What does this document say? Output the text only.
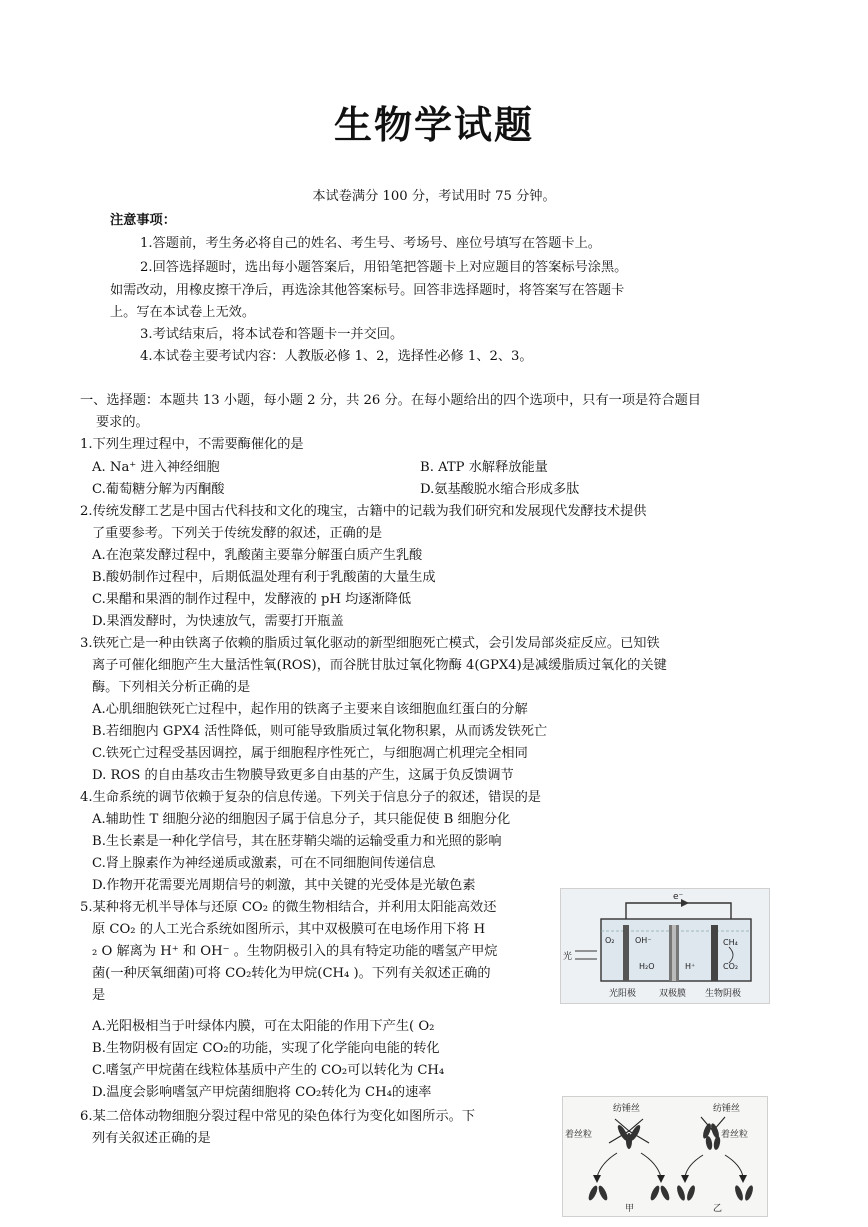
生物学试题
本试卷满分 100 分，考试用时 75 分钟。
注意事项：
1.答题前，考生务必将自己的姓名、考生号、考场号、座位号填写在答题卡上。
2.回答选择题时，选出每小题答案后，用铅笔把答题卡上对应题目的答案标号涂黑。
如需改动，用橡皮擦干净后，再选涂其他答案标号。回答非选择题时，将答案写在答题卡
上。写在本试卷上无效。
3.考试结束后，将本试卷和答题卡一并交回。
4.本试卷主要考试内容：人教版必修 1、2，选择性必修 1、2、3。
一、选择题：本题共 13 小题，每小题 2 分，共 26 分。在每小题给出的四个选项中，只有一项是符合题目
要求的。
1.下列生理过程中，不需要酶催化的是
A. Na⁺ 进入神经细胞	B. ATP 水解释放能量
C.葡萄糖分解为丙酮酸	D.氨基酸脱水缩合形成多肽
2.传统发酵工艺是中国古代科技和文化的瑰宝，古籍中的记载为我们研究和发展现代发酵技术提供
了重要参考。下列关于传统发酵的叙述，正确的是
A.在泡菜发酵过程中，乳酸菌主要靠分解蛋白质产生乳酸
B.酸奶制作过程中，后期低温处理有利于乳酸菌的大量生成
C.果醋和果酒的制作过程中，发酵液的 pH 均逐渐降低
D.果酒发酵时，为快速放气，需要打开瓶盖
3.铁死亡是一种由铁离子依赖的脂质过氧化驱动的新型细胞死亡模式，会引发局部炎症反应。已知铁
离子可催化细胞产生大量活性氧(ROS)，而谷胱甘肽过氧化物酶 4(GPX4)是减缓脂质过氧化的关键
酶。下列相关分析正确的是
A.心肌细胞铁死亡过程中，起作用的铁离子主要来自该细胞血红蛋白的分解
B.若细胞内 GPX4 活性降低，则可能导致脂质过氧化物积累，从而诱发铁死亡
C.铁死亡过程受基因调控，属于细胞程序性死亡，与细胞凋亡机理完全相同
D. ROS 的自由基攻击生物膜导致更多自由基的产生，这属于负反馈调节
4.生命系统的调节依赖于复杂的信息传递。下列关于信息分子的叙述，错误的是
A.辅助性 T 细胞分泌的细胞因子属于信息分子，其只能促使 B 细胞分化
B.生长素是一种化学信号，其在胚芽鞘尖端的运输受重力和光照的影响
C.肾上腺素作为神经递质或激素，可在不同细胞间传递信息
D.作物开花需要光周期信号的刺激，其中关键的光受体是光敏色素
5.某种将无机半导体与还原 CO₂ 的微生物相结合，并利用太阳能高效还
原 CO₂ 的人工光合系统如图所示，其中双极膜可在电场作用下将 H
₂ O 解离为 H⁺ 和 OH⁻ 。生物阴极引入的具有特定功能的嗜氢产甲烷
菌(一种厌氧细菌)可将 CO₂转化为甲烷(CH₄ )。下列有关叙述正确的
是
A.光阳极相当于叶绿体内膜，可在太阳能的作用下产生( O₂
B.生物阴极有固定 CO₂的功能，实现了化学能向电能的转化
C.嗜氢产甲烷菌在线粒体基质中产生的 CO₂可以转化为 CH₄
D.温度会影响嗜氢产甲烷菌细胞将 CO₂转化为 CH₄的速率
e⁻
光
O₂	OH⁻
H₂O	H⁺
CH₄
CO₂
光阳极	双极膜 生物阴极
6.某二倍体动物细胞分裂过程中常见的染色体行为变化如图所示。下
列有关叙述正确的是
纺锤丝
着丝粒
甲
纺锤丝
着丝粒
乙
